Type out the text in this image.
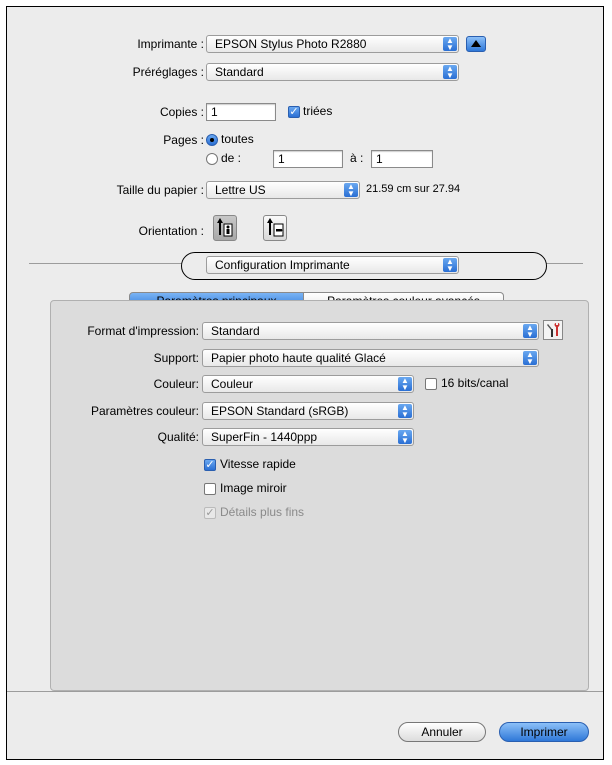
Imprimante : EPSON Stylus Photo R2880	▲
▼
Préréglages : Standard	▲
▼
Copies : 1	✓ triées
Pages : toutes
de :	1	à :	1
Taille du papier : Lettre US	▲
▼ 21.59 cm sur 27.94
Orientation :
Configuration Imprimante	▲
▼
Format d'impression:	Standard	▲
▼
Support:	Papier photo haute qualité Glacé	▲
▼
Couleur:	Couleur	▲
▼	16 bits/canal
Paramètres couleur:	EPSON Standard (sRGB)	▲
▼
Qualité:	SuperFin - 1440ppp	▲
▼
✓ Vitesse rapide
Image miroir
✓ Détails plus fins
Annuler	Imprimer
